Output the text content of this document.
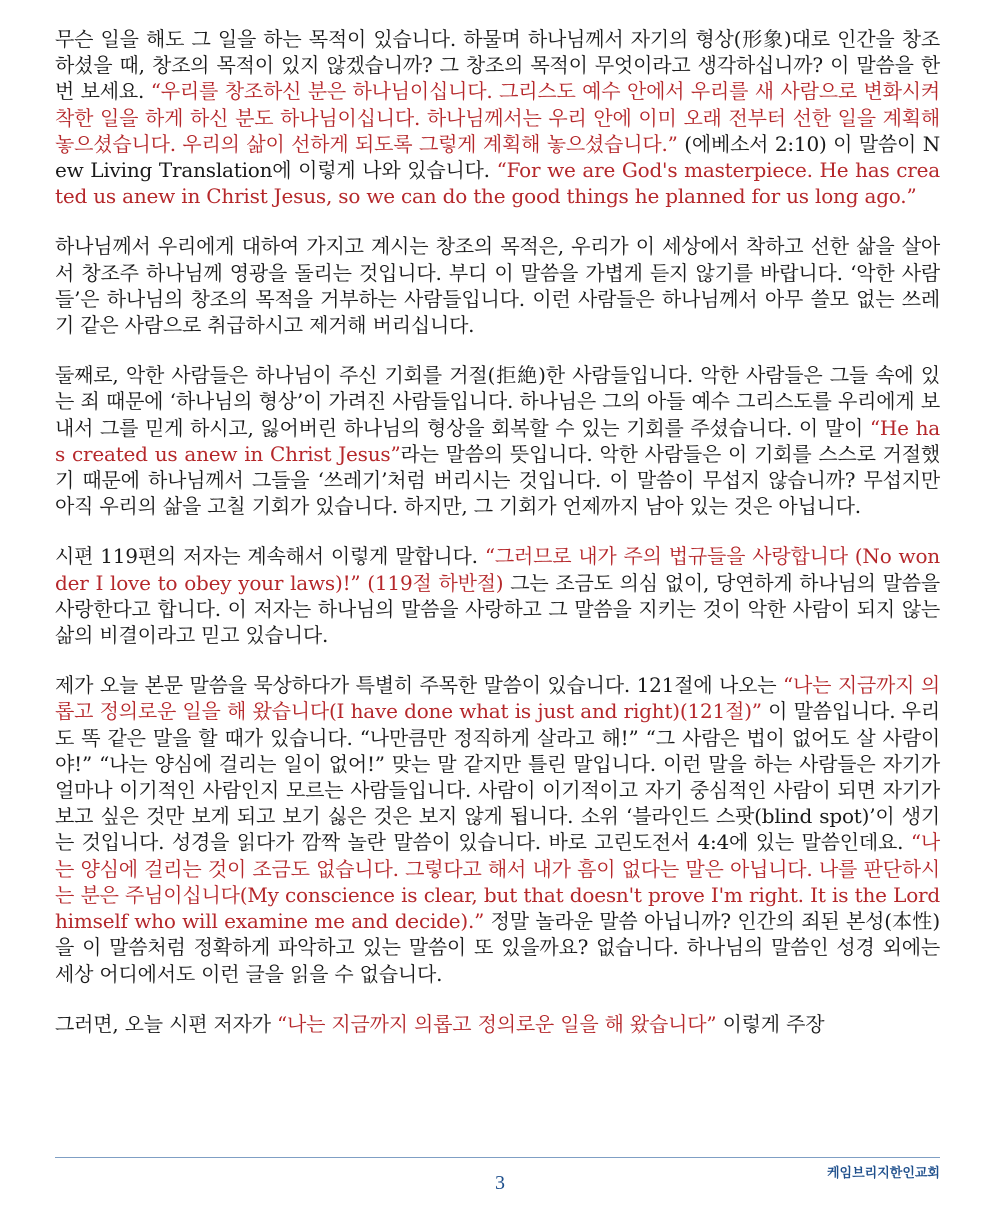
무슨 일을 해도 그 일을 하는 목적이 있습니다. 하물며 하나님께서 자기의 형상(形象)대로 인간을 창조하셨을 때, 창조의 목적이 있지 않겠습니까? 그 창조의 목적이 무엇이라고 생각하십니까? 이 말씀을 한번 보세요. “우리를 창조하신 분은 하나님이십니다. 그리스도 예수 안에서 우리를 새 사람으로 변화시켜 착한 일을 하게 하신 분도 하나님이십니다. 하나님께서는 우리 안에 이미 오래 전부터 선한 일을 계획해 놓으셨습니다. 우리의 삶이 선하게 되도록 그렇게 계획해 놓으셨습니다.” (에베소서 2:10) 이 말씀이 New Living Translation에 이렇게 나와 있습니다. “For we are God's masterpiece. He has created us anew in Christ Jesus, so we can do the good things he planned for us long ago.”

하나님께서 우리에게 대하여 가지고 계시는 창조의 목적은, 우리가 이 세상에서 착하고 선한 삶을 살아서 창조주 하나님께 영광을 돌리는 것입니다. 부디 이 말씀을 가볍게 듣지 않기를 바랍니다. ‘악한 사람들’은 하나님의 창조의 목적을 거부하는 사람들입니다. 이런 사람들은 하나님께서 아무 쓸모 없는 쓰레기 같은 사람으로 취급하시고 제거해 버리십니다.

둘째로, 악한 사람들은 하나님이 주신 기회를 거절(拒絶)한 사람들입니다. 악한 사람들은 그들 속에 있는 죄 때문에 ‘하나님의 형상’이 가려진 사람들입니다. 하나님은 그의 아들 예수 그리스도를 우리에게 보내서 그를 믿게 하시고, 잃어버린 하나님의 형상을 회복할 수 있는 기회를 주셨습니다. 이 말이 “He has created us anew in Christ Jesus”라는 말씀의 뜻입니다. 악한 사람들은 이 기회를 스스로 거절했기 때문에 하나님께서 그들을 ‘쓰레기’처럼 버리시는 것입니다. 이 말씀이 무섭지 않습니까? 무섭지만 아직 우리의 삶을 고칠 기회가 있습니다. 하지만, 그 기회가 언제까지 남아 있는 것은 아닙니다.

시편 119편의 저자는 계속해서 이렇게 말합니다. “그러므로 내가 주의 법규들을 사랑합니다 (No wonder I love to obey your laws)!” (119절 하반절) 그는 조금도 의심 없이, 당연하게 하나님의 말씀을 사랑한다고 합니다. 이 저자는 하나님의 말씀을 사랑하고 그 말씀을 지키는 것이 악한 사람이 되지 않는 삶의 비결이라고 믿고 있습니다.

제가 오늘 본문 말씀을 묵상하다가 특별히 주목한 말씀이 있습니다. 121절에 나오는 “나는 지금까지 의롭고 정의로운 일을 해 왔습니다(I have done what is just and right)(121절)” 이 말씀입니다. 우리도 똑 같은 말을 할 때가 있습니다. “나만큼만 정직하게 살라고 해!” “그 사람은 법이 없어도 살 사람이야!” “나는 양심에 걸리는 일이 없어!” 맞는 말 같지만 틀린 말입니다. 이런 말을 하는 사람들은 자기가 얼마나 이기적인 사람인지 모르는 사람들입니다. 사람이 이기적이고 자기 중심적인 사람이 되면 자기가 보고 싶은 것만 보게 되고 보기 싫은 것은 보지 않게 됩니다. 소위 ‘블라인드 스팟(blind spot)’이 생기는 것입니다. 성경을 읽다가 깜짝 놀란 말씀이 있습니다. 바로 고린도전서 4:4에 있는 말씀인데요. “나는 양심에 걸리는 것이 조금도 없습니다. 그렇다고 해서 내가 흠이 없다는 말은 아닙니다. 나를 판단하시는 분은 주님이십니다(My conscience is clear, but that doesn't prove I'm right. It is the Lord himself who will examine me and decide).” 정말 놀라운 말씀 아닙니까? 인간의 죄된 본성(本性)을 이 말씀처럼 정확하게 파악하고 있는 말씀이 또 있을까요? 없습니다. 하나님의 말씀인 성경 외에는 세상 어디에서도 이런 글을 읽을 수 없습니다.

그러면, 오늘 시편 저자가 “나는 지금까지 의롭고 정의로운 일을 해 왔습니다” 이렇게 주장

케임브리지한인교회
3
